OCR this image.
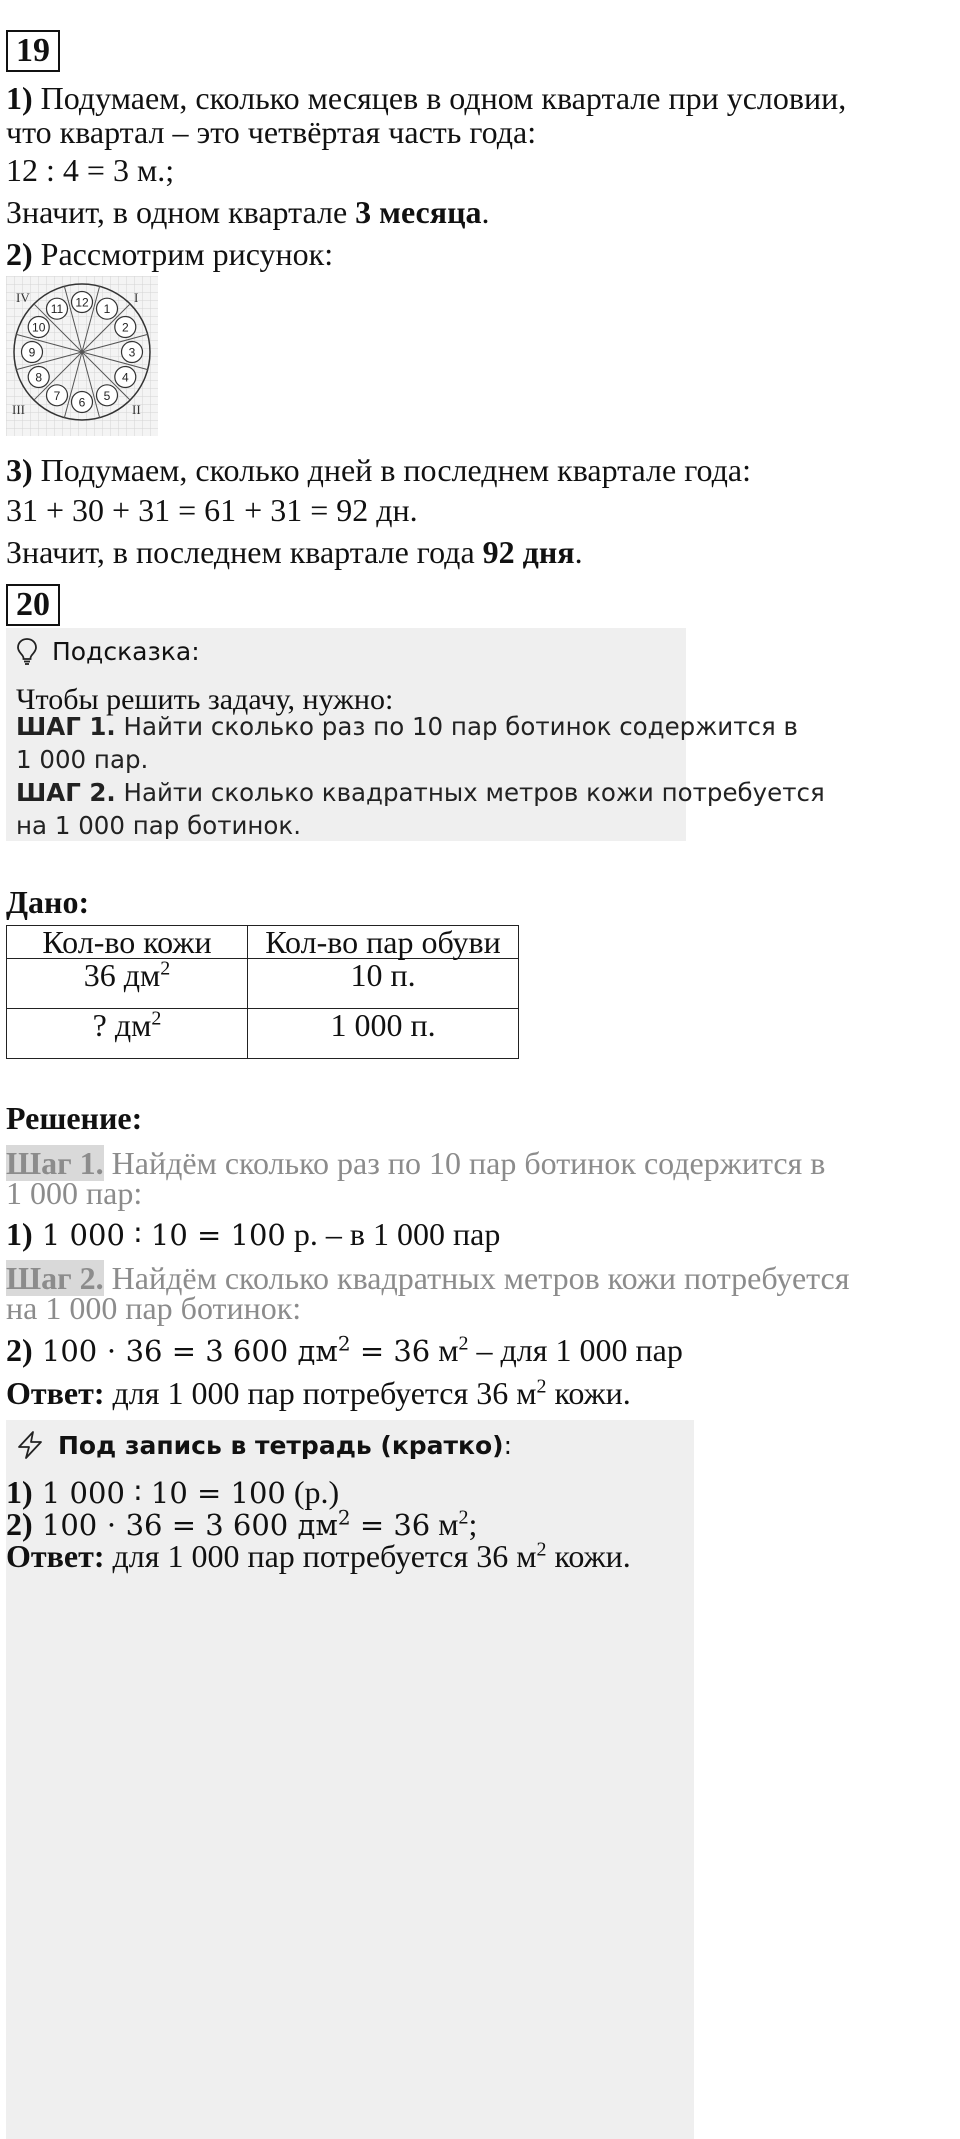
19
1) Подумаем, сколько месяцев в одном квартале при условии,
что квартал – это четвёртая часть года:
12 : 4 = 3 м.;
Значит, в одном квартале 3 месяца.
2) Рассмотрим рисунок:
12 1
2
3
4
5
6
7
8
9
10
11
IV	I
III	II
3) Подумаем, сколько дней в последнем квартале года:
31 + 30 + 31 = 61 + 31 = 92 дн.
Значит, в последнем квартале года 92 дня.
20
Подсказка:
Чтобы решить задачу, нужно:
ШАГ 1. Найти сколько раз по 10 пар ботинок содержится в
1 000 пар.
ШАГ 2. Найти сколько квадратных метров кожи потребуется
на 1 000 пар ботинок.
Дано:
Кол-во кожи	Кол-во пар обуви
36 $дм^2$	10 п.
? $дм^2$	1 000 п.
Решение:
Шаг 1. Найдём сколько раз по 10 пар ботинок содержится в
1 000 пар:
1) 1 000 ∶ 10 = 100 р. – в 1 000 пар
Шаг 2. Найдём сколько квадратных метров кожи потребуется
на 1 000 пар ботинок:
2) 100 ⋅ 36 = 3 600 $дм^2 = 36$ $м^2$ – для 1 000 пар
Ответ: для 1 000 пар потребуется 36 $м^2$ кожи.
Под запись в тетрадь (кратко):
1) 1 000 ∶ 10 = 100 (р.)
2) 100 ⋅ 36 = 3 600 $дм^2 = 36$ $м^2$;
Ответ: для 1 000 пар потребуется 36 $м^2$ кожи.
